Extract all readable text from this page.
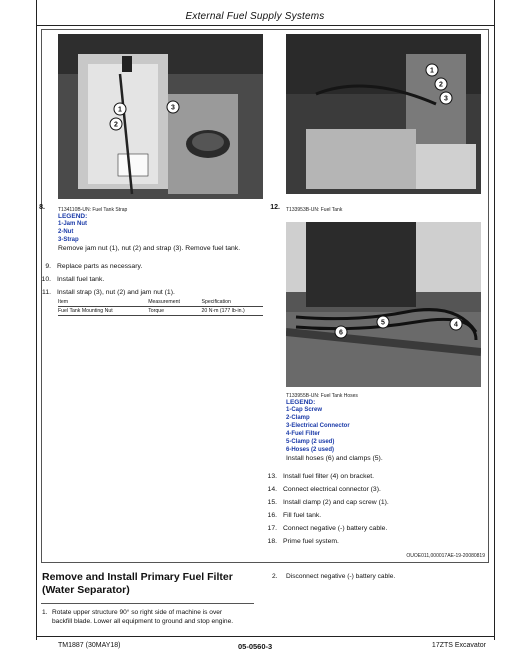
External Fuel Supply Systems
1
2
3
1
2
3
6
5	4
8.	T134110B-UN: Fuel Tank Strap
LEGEND:
1-Jam Nut
2-Nut
3-Strap
Remove jam nut (1), nut (2) and strap (3). Remove fuel tank.
9. Replace parts as necessary.
10. Install fuel tank.
11. Install strap (3), nut (2) and jam nut (1).
Item	Measurement	Specification
Fuel Tank Mounting Nut	Torque	20 N·m (177 lb-in.)
12. T133953B-UN: Fuel Tank
T133955B-UN: Fuel Tank Hoses
LEGEND:
1-Cap Screw
2-Clamp
3-Electrical Connector
4-Fuel Filter
5-Clamp (2 used)
6-Hoses (2 used)
Install hoses (6) and clamps (5).
13. Install fuel filter (4) on bracket.
14. Connect electrical connector (3).
15. Install clamp (2) and cap screw (1).
16. Fill fuel tank.
17. Connect negative (-) battery cable.
18. Prime fuel system.
OUOE011,000017AE-19-20080819
Remove and Install Primary Fuel Filter
(Water Separator)
1. Rotate upper structure 90° so right side of machine is over
backfill blade. Lower all equipment to ground and stop engine.
2. Disconnect negative (-) battery cable.
TM1887 (30MAY18)	05-0560-3	17ZTS Excavator
